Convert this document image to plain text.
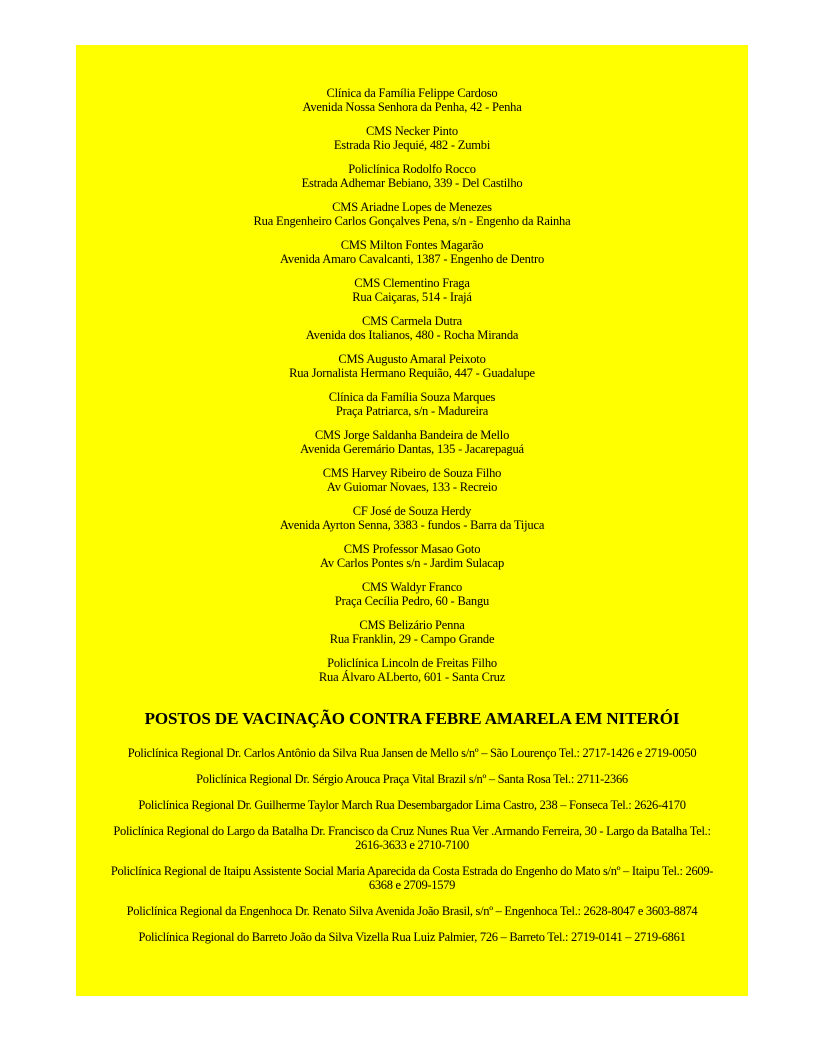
Clínica da Família Felippe Cardoso
Avenida Nossa Senhora da Penha, 42 - Penha

CMS Necker Pinto
Estrada Rio Jequié, 482 - Zumbi

Policlínica Rodolfo Rocco
Estrada Adhemar Bebiano, 339 - Del Castilho

CMS Ariadne Lopes de Menezes
Rua Engenheiro Carlos Gonçalves Pena, s/n - Engenho da Rainha

CMS Milton Fontes Magarão
Avenida Amaro Cavalcanti, 1387 - Engenho de Dentro

CMS Clementino Fraga
Rua Caiçaras, 514 - Irajá

CMS Carmela Dutra
Avenida dos Italianos, 480 - Rocha Miranda

CMS Augusto Amaral Peixoto
Rua Jornalista Hermano Requião, 447 - Guadalupe

Clínica da Família Souza Marques
Praça Patriarca, s/n - Madureira

CMS Jorge Saldanha Bandeira de Mello
Avenida Geremário Dantas, 135 - Jacarepaguá

CMS Harvey Ribeiro de Souza Filho
Av Guiomar Novaes, 133 - Recreio

CF José de Souza Herdy
Avenida Ayrton Senna, 3383 - fundos - Barra da Tijuca

CMS Professor Masao Goto
Av Carlos Pontes s/n - Jardim Sulacap

CMS Waldyr Franco
Praça Cecília Pedro, 60 - Bangu

CMS Belizário Penna
Rua Franklin, 29 - Campo Grande

Policlínica Lincoln de Freitas Filho
Rua Álvaro ALberto, 601 - Santa Cruz

POSTOS DE VACINAÇÃO CONTRA FEBRE AMARELA EM NITERÓI

Policlínica Regional Dr. Carlos Antônio da Silva Rua Jansen de Mello s/nº – São Lourenço Tel.: 2717-1426 e 2719-0050

Policlínica Regional Dr. Sérgio Arouca Praça Vital Brazil s/nº – Santa Rosa Tel.: 2711-2366

Policlínica Regional Dr. Guilherme Taylor March Rua Desembargador Lima Castro, 238 – Fonseca Tel.: 2626-4170

Policlínica Regional do Largo da Batalha Dr. Francisco da Cruz Nunes Rua Ver .Armando Ferreira, 30 - Largo da Batalha Tel.: 2616-3633 e 2710-7100

Policlínica Regional de Itaipu Assistente Social Maria Aparecida da Costa Estrada do Engenho do Mato s/nº – Itaipu Tel.: 2609-6368 e 2709-1579

Policlínica Regional da Engenhoca Dr. Renato Silva Avenida João Brasil, s/nº – Engenhoca Tel.: 2628-8047 e 3603-8874

Policlínica Regional do Barreto João da Silva Vizella Rua Luiz Palmier, 726 – Barreto Tel.: 2719-0141 – 2719-6861
